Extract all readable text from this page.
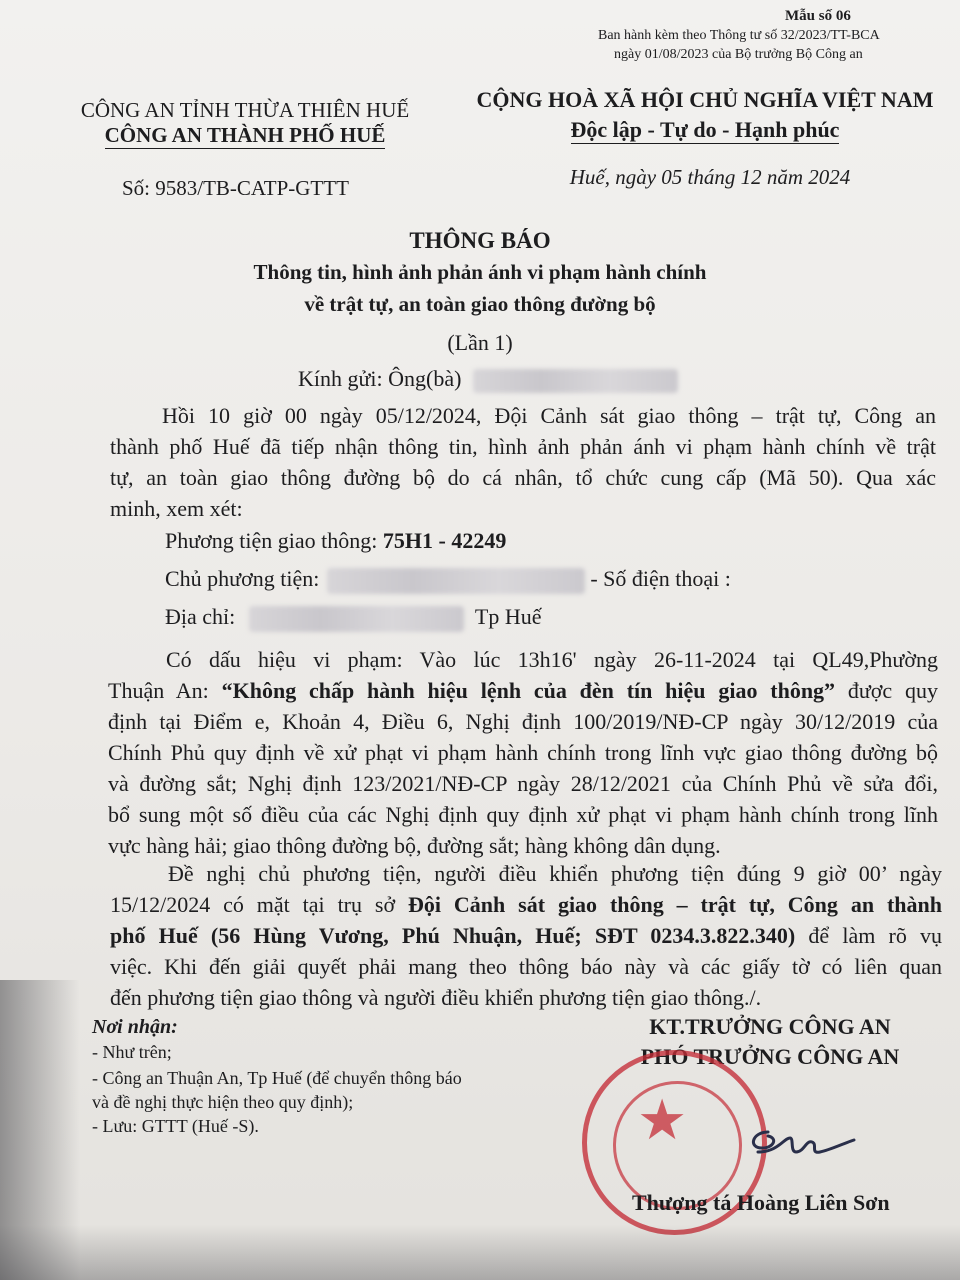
Mẫu số 06
Ban hành kèm theo Thông tư số 32/2023/TT-BCA
ngày 01/08/2023 của Bộ trưởng Bộ Công an
CÔNG AN TỈNH THỪA THIÊN HUẾ
CÔNG AN THÀNH PHỐ HUẾ
Số: 9583/TB-CATP-GTTT
CỘNG HOÀ XÃ HỘI CHỦ NGHĨA VIỆT NAM
Độc lập - Tự do - Hạnh phúc
Huế, ngày 05 tháng 12 năm 2024
THÔNG BÁO
Thông tin, hình ảnh phản ánh vi phạm hành chính
về trật tự, an toàn giao thông đường bộ
(Lần 1)
Kính gửi: Ông(bà)
Hồi 10 giờ 00 ngày 05/12/2024, Đội Cảnh sát giao thông – trật tự, Công an
thành phố Huế đã tiếp nhận thông tin, hình ảnh phản ánh vi phạm hành chính về trật
tự, an toàn giao thông đường bộ do cá nhân, tổ chức cung cấp (Mã 50). Qua xác
minh, xem xét:
Phương tiện giao thông: 75H1 - 42249
Chủ phương tiện:	- Số điện thoại :
Địa chỉ:	Tp Huế
Có dấu hiệu vi phạm: Vào lúc 13h16' ngày 26-11-2024 tại QL49,Phường
Thuận An: “Không chấp hành hiệu lệnh của đèn tín hiệu giao thông” được quy
định tại Điểm e, Khoản 4, Điều 6, Nghị định 100/2019/NĐ-CP ngày 30/12/2019 của
Chính Phủ quy định về xử phạt vi phạm hành chính trong lĩnh vực giao thông đường bộ
và đường sắt; Nghị định 123/2021/NĐ-CP ngày 28/12/2021 của Chính Phủ về sửa đổi,
bổ sung một số điều của các Nghị định quy định xử phạt vi phạm hành chính trong lĩnh
vực hàng hải; giao thông đường bộ, đường sắt; hàng không dân dụng.
Đề nghị chủ phương tiện, người điều khiển phương tiện đúng 9 giờ 00’ ngày
15/12/2024 có mặt tại trụ sở Đội Cảnh sát giao thông – trật tự, Công an thành
phố Huế (56 Hùng Vương, Phú Nhuận, Huế; SĐT 0234.3.822.340) để làm rõ vụ
việc. Khi đến giải quyết phải mang theo thông báo này và các giấy tờ có liên quan
đến phương tiện giao thông và người điều khiển phương tiện giao thông./.
Nơi nhận:
- Như trên;
- Công an Thuận An, Tp Huế (để chuyển thông báo
và đề nghị thực hiện theo quy định);
- Lưu: GTTT (Huế -S).
KT.TRƯỞNG CÔNG AN
PHÓ TRƯỞNG CÔNG AN
★
Thượng tá Hoàng Liên Sơn
